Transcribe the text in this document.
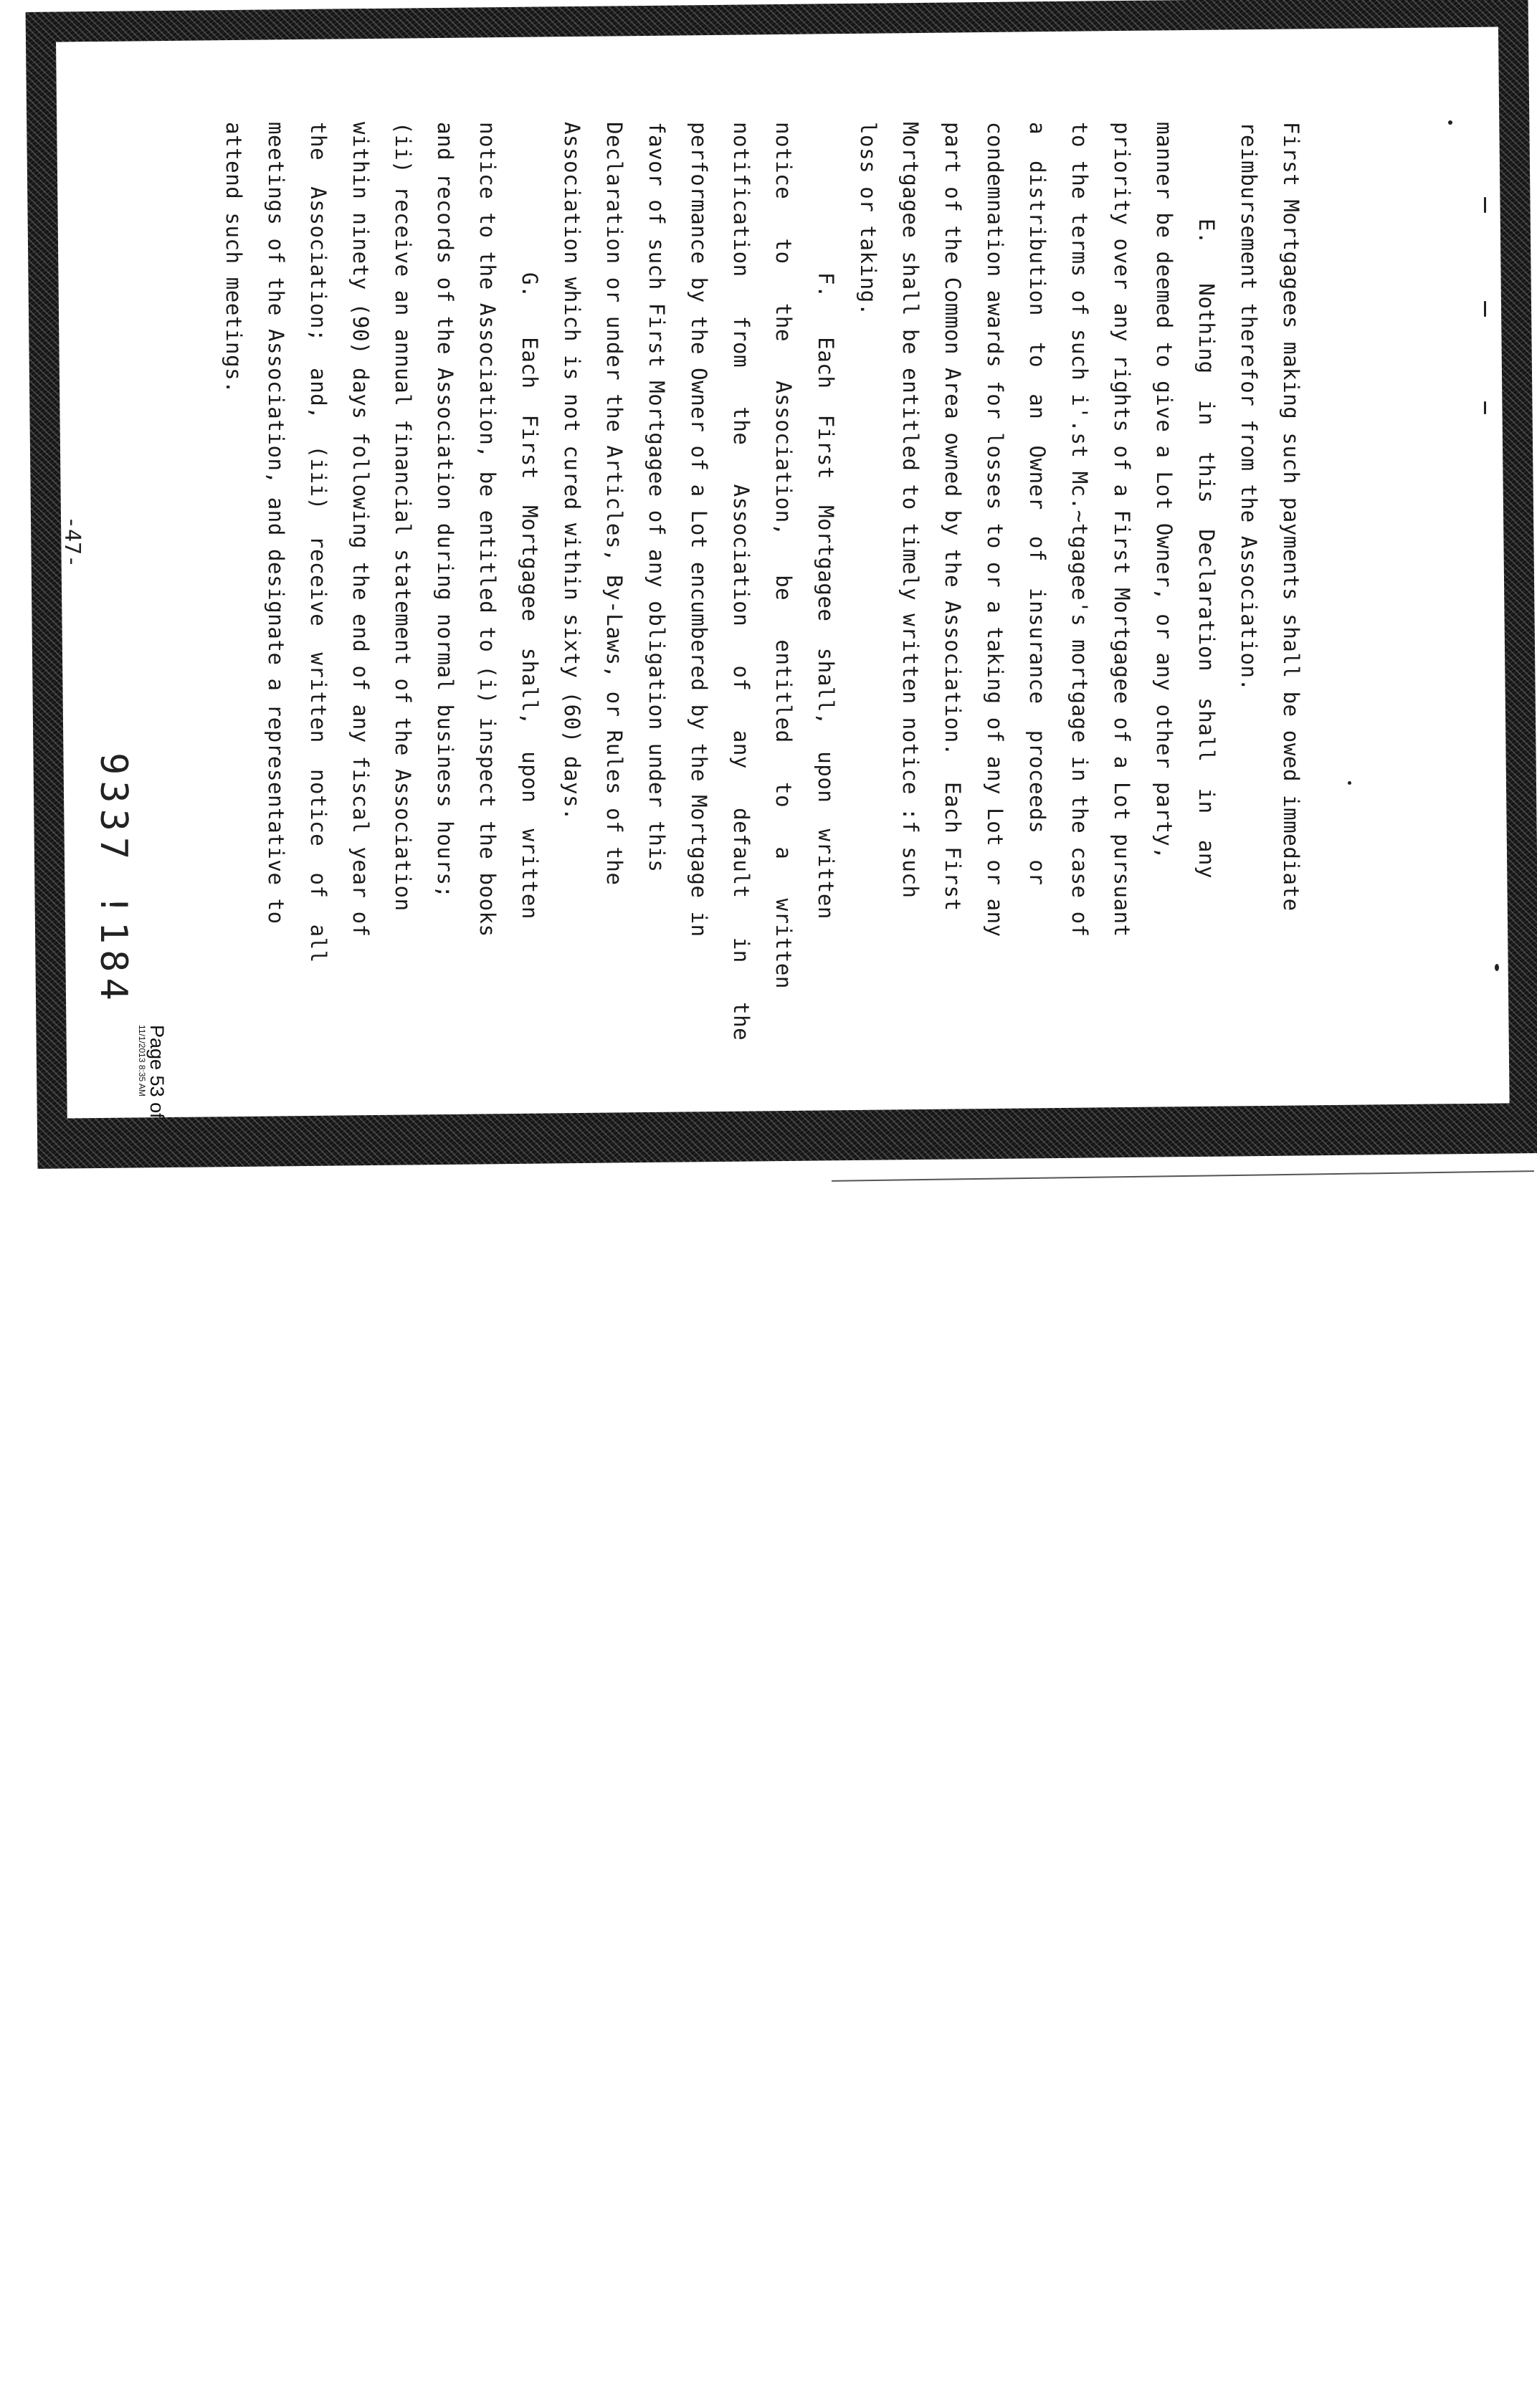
First Mortgagees making such payments shall be owed immediate
reimbursement therefor from the Association.
E.   Nothing  in  this  Declaration  shall  in  any
manner be deemed to give a Lot Owner, or any other party,
priority over any rights of a First Mortgagee of a Lot pursuant
to the terms of such i'.st Mc.~tgagee's mortgage in the case of
a  distribution  to  an  Owner  of  insurance  proceeds  or
condemnation awards for losses to or a taking of any Lot or any
part of the Common Area owned by the Association.  Each First
Mortgagee shall be entitled to timely written notice :f such
loss or taking.
F.   Each  First  Mortgagee  shall,  upon  written
notice   to   the   Association,   be   entitled   to   a   written
notification   from   the   Association   of   any   default   in   the
performance by the Owner of a Lot encumbered by the Mortgage in
favor of such First Mortgagee of any obligation under this
Declaration or under the Articles, By-Laws, or Rules of the
Association which is not cured within sixty (60) days.
G.   Each  First  Mortgagee  shall,  upon  written
notice to the Association, be entitled to (i) inspect the books
and records of the Association during normal business hours;
(ii) receive an annual financial statement of the Association
within ninety (90) days following the end of any fiscal year of
the  Association;  and,  (iii)  receive  written  notice  of  all
meetings of the Association, and designate a representative to
attend such meetings.
-47-
9337 !184
Page 53 of
11/1/2013 8:35 AM
